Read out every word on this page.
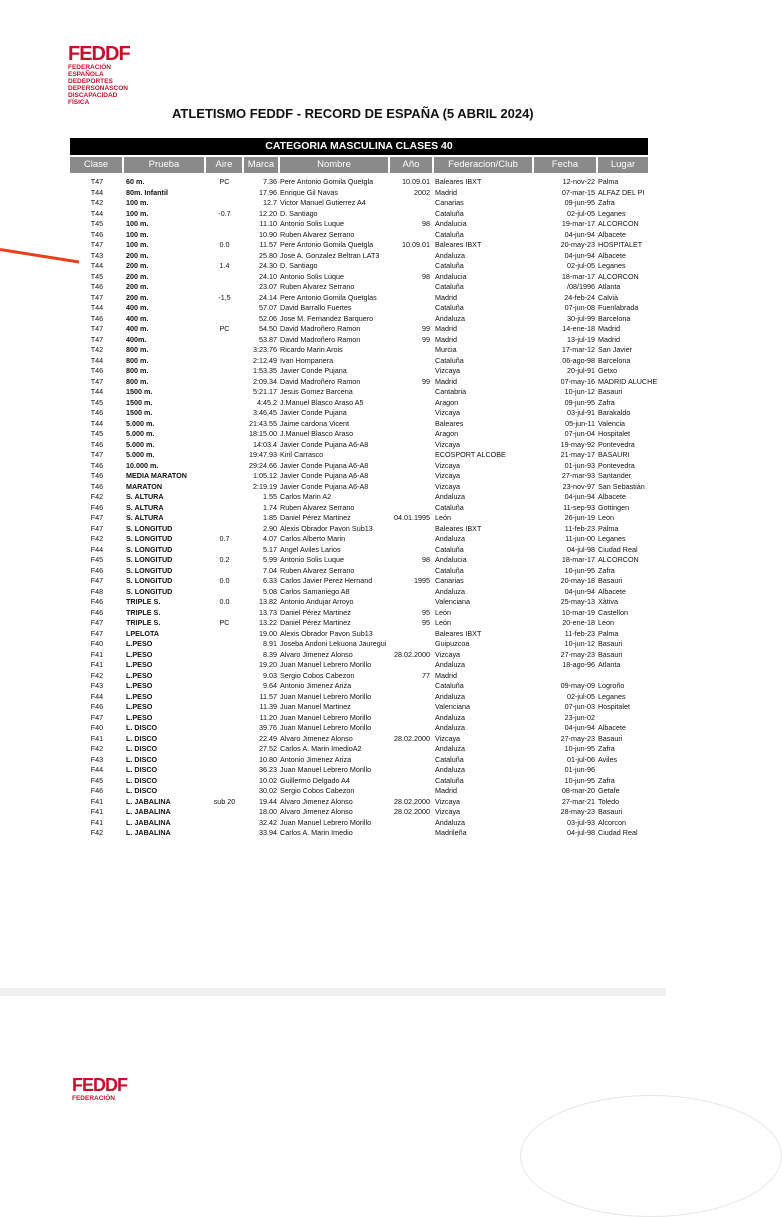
FEDDF
FEDERACIÓN
ESPAÑOLA
DEDEPORTES
DEPERSONASCON
DISCAPACIDAD
FÍSICA
ATLETISMO FEDDF - RECORD DE ESPAÑA (5 ABRIL 2024)
CATEGORIA MASCULINA CLASES 40
Clase	Prueba	Aire	Marca	Nombre	Año	Federacion/Club	Fecha	Lugar
T47	60 m.	PC	7.36 Pere Antonio Gomila Quetgla	10.09.01 Baleares IBXT	12-nov-22 Palma
T44	80m. Infantil	17.96 Enrique Gil Navas	2002 Madrid	07-mar-15 ALFAZ DEL PI
T42	100 m.	12.7 Victor Manuel Gutierrez A4	Canarias	09-jun-95 Zafra
T44	100 m.	-0.7	12.20 D. Santiago	Cataluña	02-jul-05 Leganes
T45	100 m.	11.10 Antonio Solis Luque	98 Andalucia	19-mar-17 ALCORCON
T46	100 m.	10.90 Ruben Alvarez Serrano	Cataluña	04-jun-94 Albacete
T47	100 m.	0.0	11.57 Pere Antonio Gomila Quetgla	10.09.01 Baleares IBXT	20-may-23 HOSPITALET
T43	200 m.	25.80 Jose A. Gonzalez Beltran LAT3	Andaluza	04-jun-94 Albacete
T44	200 m.	1.4	24.30 D. Santiago	Cataluña	02-jul-05 Leganes
T45	200 m.	24.10 Antonio Solis Luque	98 Andalucia	18-mar-17 ALCORCON
T46	200 m.	23.07 Ruben Alvarez Serrano	Cataluña	/08/1996 Atlanta
T47	200 m.	-1,5	24.14 Pere Antonio Gomila Quetglas	Madrid	24-feb-24 Calvià
T44	400 m.	57.07 David Barrallo Fuertes	Cataluña	07-jun-08 Fuenlabrada
T46	400 m.	52.06 Jose M. Fernandez Barquero	Andaluza	30-jul-99 Barcelona
T47	400 m.	PC	54.50 David Madroñero Ramon	99 Madrid	14-ene-18 Madrid
T47	400m.	53.87 David Madroñero Ramon	99 Madrid	13-jul-19 Madrid
T42	800 m.	3:23.76 Ricardo Marin Arois	Murcia	17-mar-12 San Javier
T44	800 m.	2:12.49 Ivan Hompanera	Cataluña	06-ago-98 Barcelona
T46	800 m.	1:53.35 Javier Conde Pujana	Vizcaya	20-jul-91 Getxo
T47	800 m.	2:09.34 David Madroñero Ramon	99 Madrid	07-may-16 MADRID ALUCHE
T44	1500 m.	5:21.17 Jesus Gomez Barcena	Cantabria	10-jun-12 Basauri
T45	1500 m.	4:45.2 J.Manuel Blasco Araso A5	Aragon	09-jun-95 Zafra
T46	1500 m.	3:46,45 Javier Conde Pujana	Vizcaya	03-jul-91 Barakaldo
T44	5.000 m.	21:43.55 Jaime cardona Vicent	Baleares	05-jun-11 Valencia
T45	5.000 m.	18:15.00 J.Manuel Blasco Araso	Aragon	07-jun-04 Hospitalet
T46	5.000 m.	14:03.4 Javier Conde Pujana A6-A8	Vizcaya	19-may-92 Pontevedra
T47	5.000 m.	19:47.93 Kiril Carrasco	ECOSPORT ALCOBE	21-may-17 BASAURI
T46	10.000 m.	29:24.66 Javier Conde Pujana A6-A8	Vizcaya	01-jun-93 Pontevedra
T46	MEDIA MARATON	1:05.12 Javier Conde Pujana A6-A8	Vizcaya	27-mar-93 Santander
T46	MARATON	2:19.19 Javier Conde Pujana A6-A8	Vizcaya	23-nov-97 San Sebastián
F42	S. ALTURA	1.55 Carlos Marin A2	Andaluza	04-jun-94 Albacete
F46	S. ALTURA	1.74 Ruben Alvarez Serrano	Cataluña	11-sep-93 Gottingen
F47	S. ALTURA	1.85 Daniel Pérez Martinez	04.01.1995 León	26-jun-19 Leon
F47	S. LONGITUD	2.90 Alexis Obrador Pavon Sub13	Baleares IBXT	11-feb-23 Palma
F42	S. LONGITUD	0.7	4.07 Carlos Alberto Marin	Andaluza	11-jun-00 Leganes
F44	S. LONGITUD	5.17 Angel Aviles Larios	Cataluña	04-jul-98 Ciudad Real
F45	S. LONGITUD	0.2	5.99 Antonio Solis Luque	98 Andalucia	18-mar-17 ALCORCON
F46	S. LONGITUD	7.04 Ruben Alvarez Serrano	Cataluña	10-jun-95 Zafra
F47	S. LONGITUD	0.0	6.33 Carlos Javier Perez Hernand	1995 Canarias	20-may-18 Basauri
F48	S. LONGITUD	5.08 Carlos Samaniego A8	Andaluza	04-jun-94 Albacete
F46	TRIPLE S.	0.0	13.82 Antonio Andujar Arroyo	Valenciana	25-may-13 Xàtiva
F46	TRIPLE S.	13.73 Daniel Pérez Martinez	95 León	10-mar-19 Castellon
F47	TRIPLE S.	PC	13.22 Daniel Pérez Martinez	95 León	20-ene-18 Leon
F47	LPELOTA	19.00 Alexis Obrador Pavon Sub13	Baleares IBXT	11-feb-23 Palma
F40	L.PESO	8.91 Joseba Andoni Lekuona Jauregui	Guipuzcoa	10-jun-12 Basauri
F41	L.PESO	8.39 Alvaro Jimenez Alonso	28.02.2000 Vizcaya	27-may-23 Basauri
F41	L.PESO	19.20 Juan Manuel Lebrero Morillo	Andaluza	18-ago-96 Atlanta
F42	L.PESO	9.03 Sergio Cobos Cabezon	77 Madrid
F43	L.PESO	9.64 Antonio Jimenez Ariza	Cataluña	09-may-09 Logroño
F44	L.PESO	11.57 Juan Manuel Lebrero Morillo	Andaluza	02-jul-05 Leganes
F46	L.PESO	11.39 Juan Manuel Martinez	Valenciana	07-jun-03 Hospitalet
F47	L.PESO	11.20 Juan Manuel Lebrero Morillo	Andaluza	23-jun-02
F40	L. DISCO	39.76 Juan Manuel Lebrero Morillo	Andaluza	04-jun-94 Albacete
F41	L. DISCO	22.49 Alvaro Jimenez Alonso	28.02.2000 Vizcaya	27-may-23 Basauri
F42	L. DISCO	27.52 Carlos A. Marin ImedioA2	Andaluza	10-jun-95 Zafra
F43	L. DISCO	10.80 Antonio Jimenez Ariza	Cataluña	01-jul-06 Aviles
F44	L. DISCO	36.23 Juan Manuel Lebrero Morillo	Andaluza	01-jun-96
F45	L. DISCO	10.02 Guillermo Delgado A4	Cataluña	10-jun-95 Zafra
F46	L. DISCO	30.02 Sergio Cobos Cabezon	Madrid	08-mar-20 Getafe
F41	L. JABALINA	sub 20	19.44 Alvaro Jimenez Alonso	28.02.2000 Vizcaya	27-mar-21 Toledo
F41	L. JABALINA	18.00 Alvaro Jimenez Alonso	28.02.2000 Vizcaya	28-may-23 Basauri
F41	L. JABALINA	32.42 Juan Manuel Lebrero Morillo	Andaluza	03-jul-93 Alcorcon
F42	L. JABALINA	33.94 Carlos A. Marin Imedio	Madrileña	04-jul-98 Ciudad Real
FEDDF
FEDERACIÓN
